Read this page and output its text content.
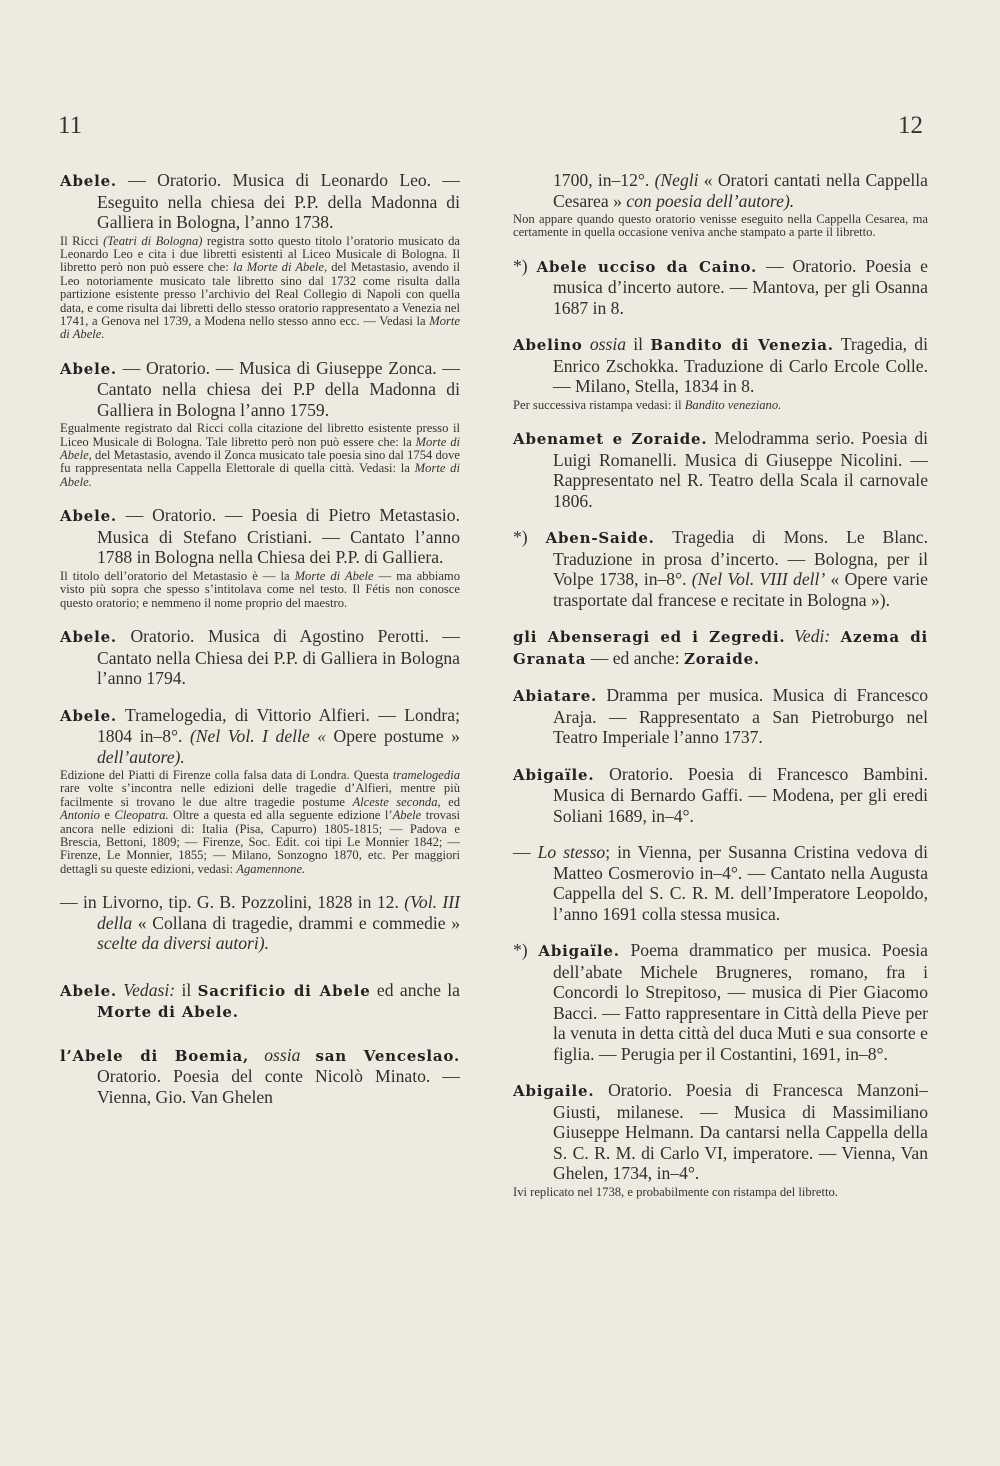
11	12

Abele. — Oratorio. Musica di Leonardo Leo. — Eseguito nella chiesa dei P.P. della Madonna di Galliera in Bologna, l’anno 1738.

Il Ricci (Teatri di Bologna) registra sotto questo titolo l’oratorio musicato da Leonardo Leo e cita i due libretti esistenti al Liceo Musicale di Bologna. Il libretto però non può essere che: la Morte di Abele, del Metastasio, avendo il Leo notoriamente musicato tale libretto sino dal 1732 come risulta dalla partizione esistente presso l’archivio del Real Collegio di Napoli con quella data, e come risulta dai libretti dello stesso oratorio rappresentato a Venezia nel 1741, a Genova nel 1739, a Modena nello stesso anno ecc. — Vedasi la Morte di Abele.

Abele. — Oratorio. — Musica di Giuseppe Zonca. — Cantato nella chiesa dei P.P della Madonna di Galliera in Bologna l’anno 1759.

Egualmente registrato dal Ricci colla citazione del libretto esistente presso il Liceo Musicale di Bologna. Tale libretto però non può essere che: la Morte di Abele, del Metastasio, avendo il Zonca musicato tale poesia sino dal 1754 dove fu rappresentata nella Cappella Elettorale di quella città. Vedasi: la Morte di Abele.

Abele. — Oratorio. — Poesia di Pietro Metastasio. Musica di Stefano Cristiani. — Cantato l’anno 1788 in Bologna nella Chiesa dei P.P. di Galliera.

Il titolo dell’oratorio del Metastasio è — la Morte di Abele — ma abbiamo visto più sopra che spesso s’intitolava come nel testo. Il Fétis non conosce questo oratorio; e nemmeno il nome proprio del maestro.

Abele. Oratorio. Musica di Agostino Perotti. — Cantato nella Chiesa dei P.P. di Galliera in Bologna l’anno 1794.

Abele. Tramelogedia, di Vittorio Alfieri. — Londra; 1804 in–8°. (Nel Vol. I delle « Opere postume » dell’autore).

Edizione del Piatti di Firenze colla falsa data di Londra. Questa tramelogedia rare volte s’incontra nelle edizioni delle tragedie d’Alfieri, mentre più facilmente si trovano le due altre tragedie postume Alceste seconda, ed Antonio e Cleopatra. Oltre a questa ed alla seguente edizione l’Abele trovasi ancora nelle edizioni di: Italia (Pisa, Capurro) 1805-1815; — Padova e Brescia, Bettoni, 1809; — Firenze, Soc. Edit. coi tipi Le Monnier 1842; — Firenze, Le Monnier, 1855; — Milano, Sonzogno 1870, etc. Per maggiori dettagli su queste edizioni, vedasi: Agamennone.

— in Livorno, tip. G. B. Pozzolini, 1828 in 12. (Vol. III della « Collana di tragedie, drammi e commedie » scelte da diversi autori).

Abele. Vedasi: il Sacrificio di Abele ed anche la Morte di Abele.

l’Abele di Boemia, ossia san Venceslao. Oratorio. Poesia del conte Nicolò Minato. — Vienna, Gio. Van Ghelen

1700, in–12°. (Negli « Oratori cantati nella Cappella Cesarea » con poesia dell’autore).

Non appare quando questo oratorio venisse eseguito nella Cappella Cesarea, ma certamente in quella occasione veniva anche stampato a parte il libretto.

*) Abele ucciso da Caino. — Oratorio. Poesia e musica d’incerto autore. — Mantova, per gli Osanna 1687 in 8.

Abelino ossia il Bandito di Venezia. Tragedia, di Enrico Zschokka. Traduzione di Carlo Ercole Colle. — Milano, Stella, 1834 in 8.

Per successiva ristampa vedasi: il Bandito veneziano.

Abenamet e Zoraide. Melodramma serio. Poesia di Luigi Romanelli. Musica di Giuseppe Nicolini. — Rappresentato nel R. Teatro della Scala il carnovale 1806.

*) Aben-Saide. Tragedia di Mons. Le Blanc. Traduzione in prosa d’incerto. — Bologna, per il Volpe 1738, in–8°. (Nel Vol. VIII dell’ « Opere varie trasportate dal francese e recitate in Bologna »).

gli Abenseragi ed i Zegredi. Vedi: Azema di Granata — ed anche: Zoraide.

Abiatare. Dramma per musica. Musica di Francesco Araja. — Rappresentato a San Pietroburgo nel Teatro Imperiale l’anno 1737.

Abigaïle. Oratorio. Poesia di Francesco Bambini. Musica di Bernardo Gaffi. — Modena, per gli eredi Soliani 1689, in–4°.

— Lo stesso; in Vienna, per Susanna Cristina vedova di Matteo Cosmerovio in–4°. — Cantato nella Augusta Cappella del S. C. R. M. dell’Imperatore Leopoldo, l’anno 1691 colla stessa musica.

*) Abigaïle. Poema drammatico per musica. Poesia dell’abate Michele Brugneres, romano, fra i Concordi lo Strepitoso, — musica di Pier Giacomo Bacci. — Fatto rappresentare in Città della Pieve per la venuta in detta città del duca Muti e sua consorte e figlia. — Perugia per il Costantini, 1691, in–8°.

Abigaile. Oratorio. Poesia di Francesca Manzoni–Giusti, milanese. — Musica di Massimiliano Giuseppe Helmann. Da cantarsi nella Cappella della S. C. R. M. di Carlo VI, imperatore. — Vienna, Van Ghelen, 1734, in–4°.

Ivi replicato nel 1738, e probabilmente con ristampa del libretto.
